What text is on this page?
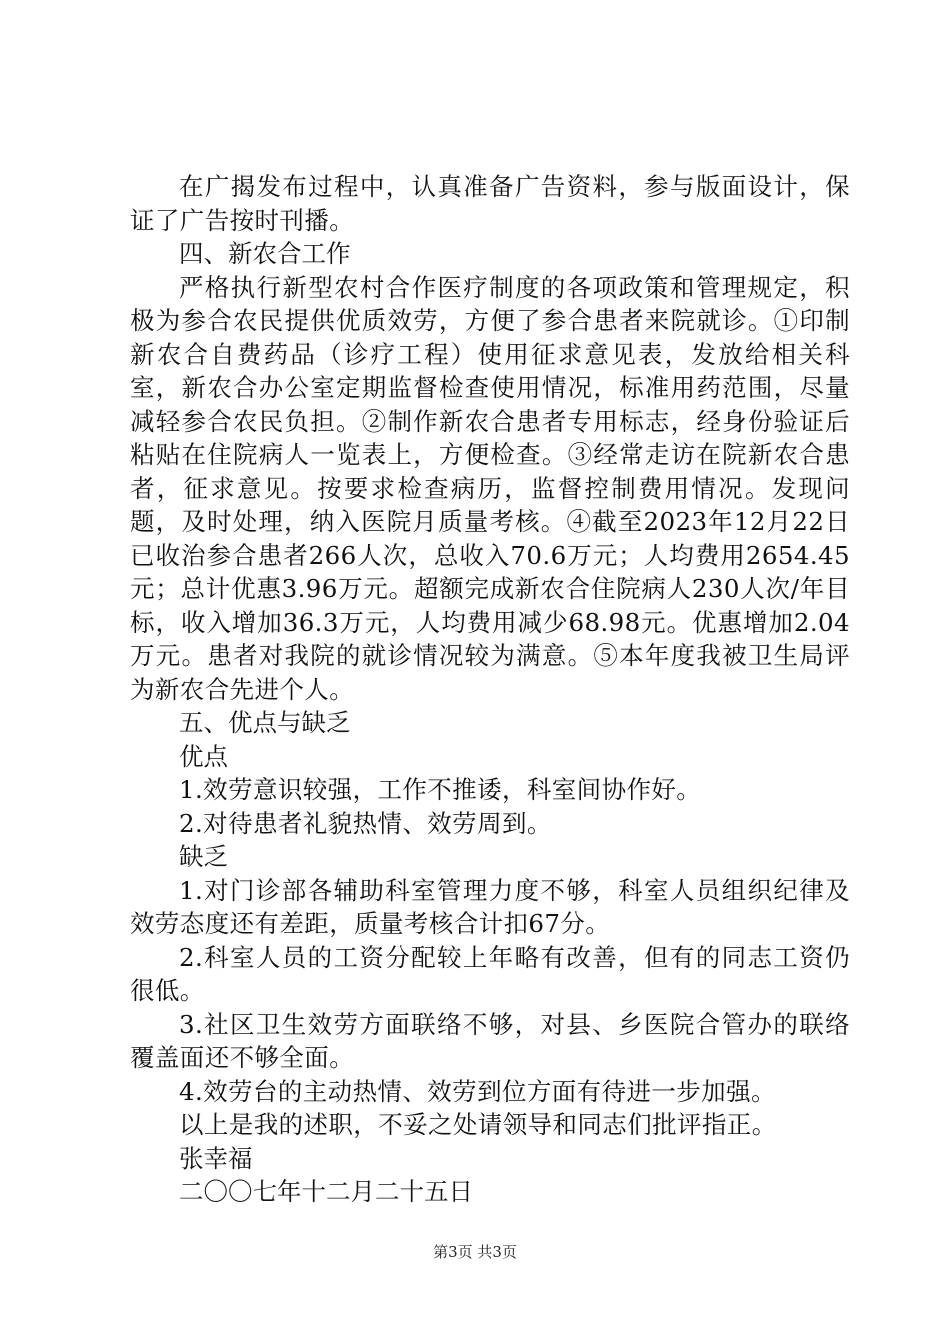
在广揭发布过程中，认真准备广告资料，参与版面设计，保证了广告按时刊播。

四、新农合工作

严格执行新型农村合作医疗制度的各项政策和管理规定，积极为参合农民提供优质效劳，方便了参合患者来院就诊。①印制新农合自费药品（诊疗工程）使用征求意见表，发放给相关科室，新农合办公室定期监督检查使用情况，标准用药范围，尽量减轻参合农民负担。②制作新农合患者专用标志，经身份验证后粘贴在住院病人一览表上，方便检查。③经常走访在院新农合患者，征求意见。按要求检查病历，监督控制费用情况。发现问题，及时处理，纳入医院月质量考核。④截至2023年12月22日已收治参合患者266人次，总收入70.6万元；人均费用2654.45元；总计优惠3.96万元。超额完成新农合住院病人230人次/年目标，收入增加36.3万元，人均费用减少68.98元。优惠增加2.04万元。患者对我院的就诊情况较为满意。⑤本年度我被卫生局评为新农合先进个人。

五、优点与缺乏

优点

1.效劳意识较强，工作不推诿，科室间协作好。

2.对待患者礼貌热情、效劳周到。

缺乏

1.对门诊部各辅助科室管理力度不够，科室人员组织纪律及效劳态度还有差距，质量考核合计扣67分。

2.科室人员的工资分配较上年略有改善，但有的同志工资仍很低。

3.社区卫生效劳方面联络不够，对县、乡医院合管办的联络覆盖面还不够全面。

4.效劳台的主动热情、效劳到位方面有待进一步加强。

以上是我的述职，不妥之处请领导和同志们批评指正。

张幸福

二〇〇七年十二月二十五日

第3页 共3页
